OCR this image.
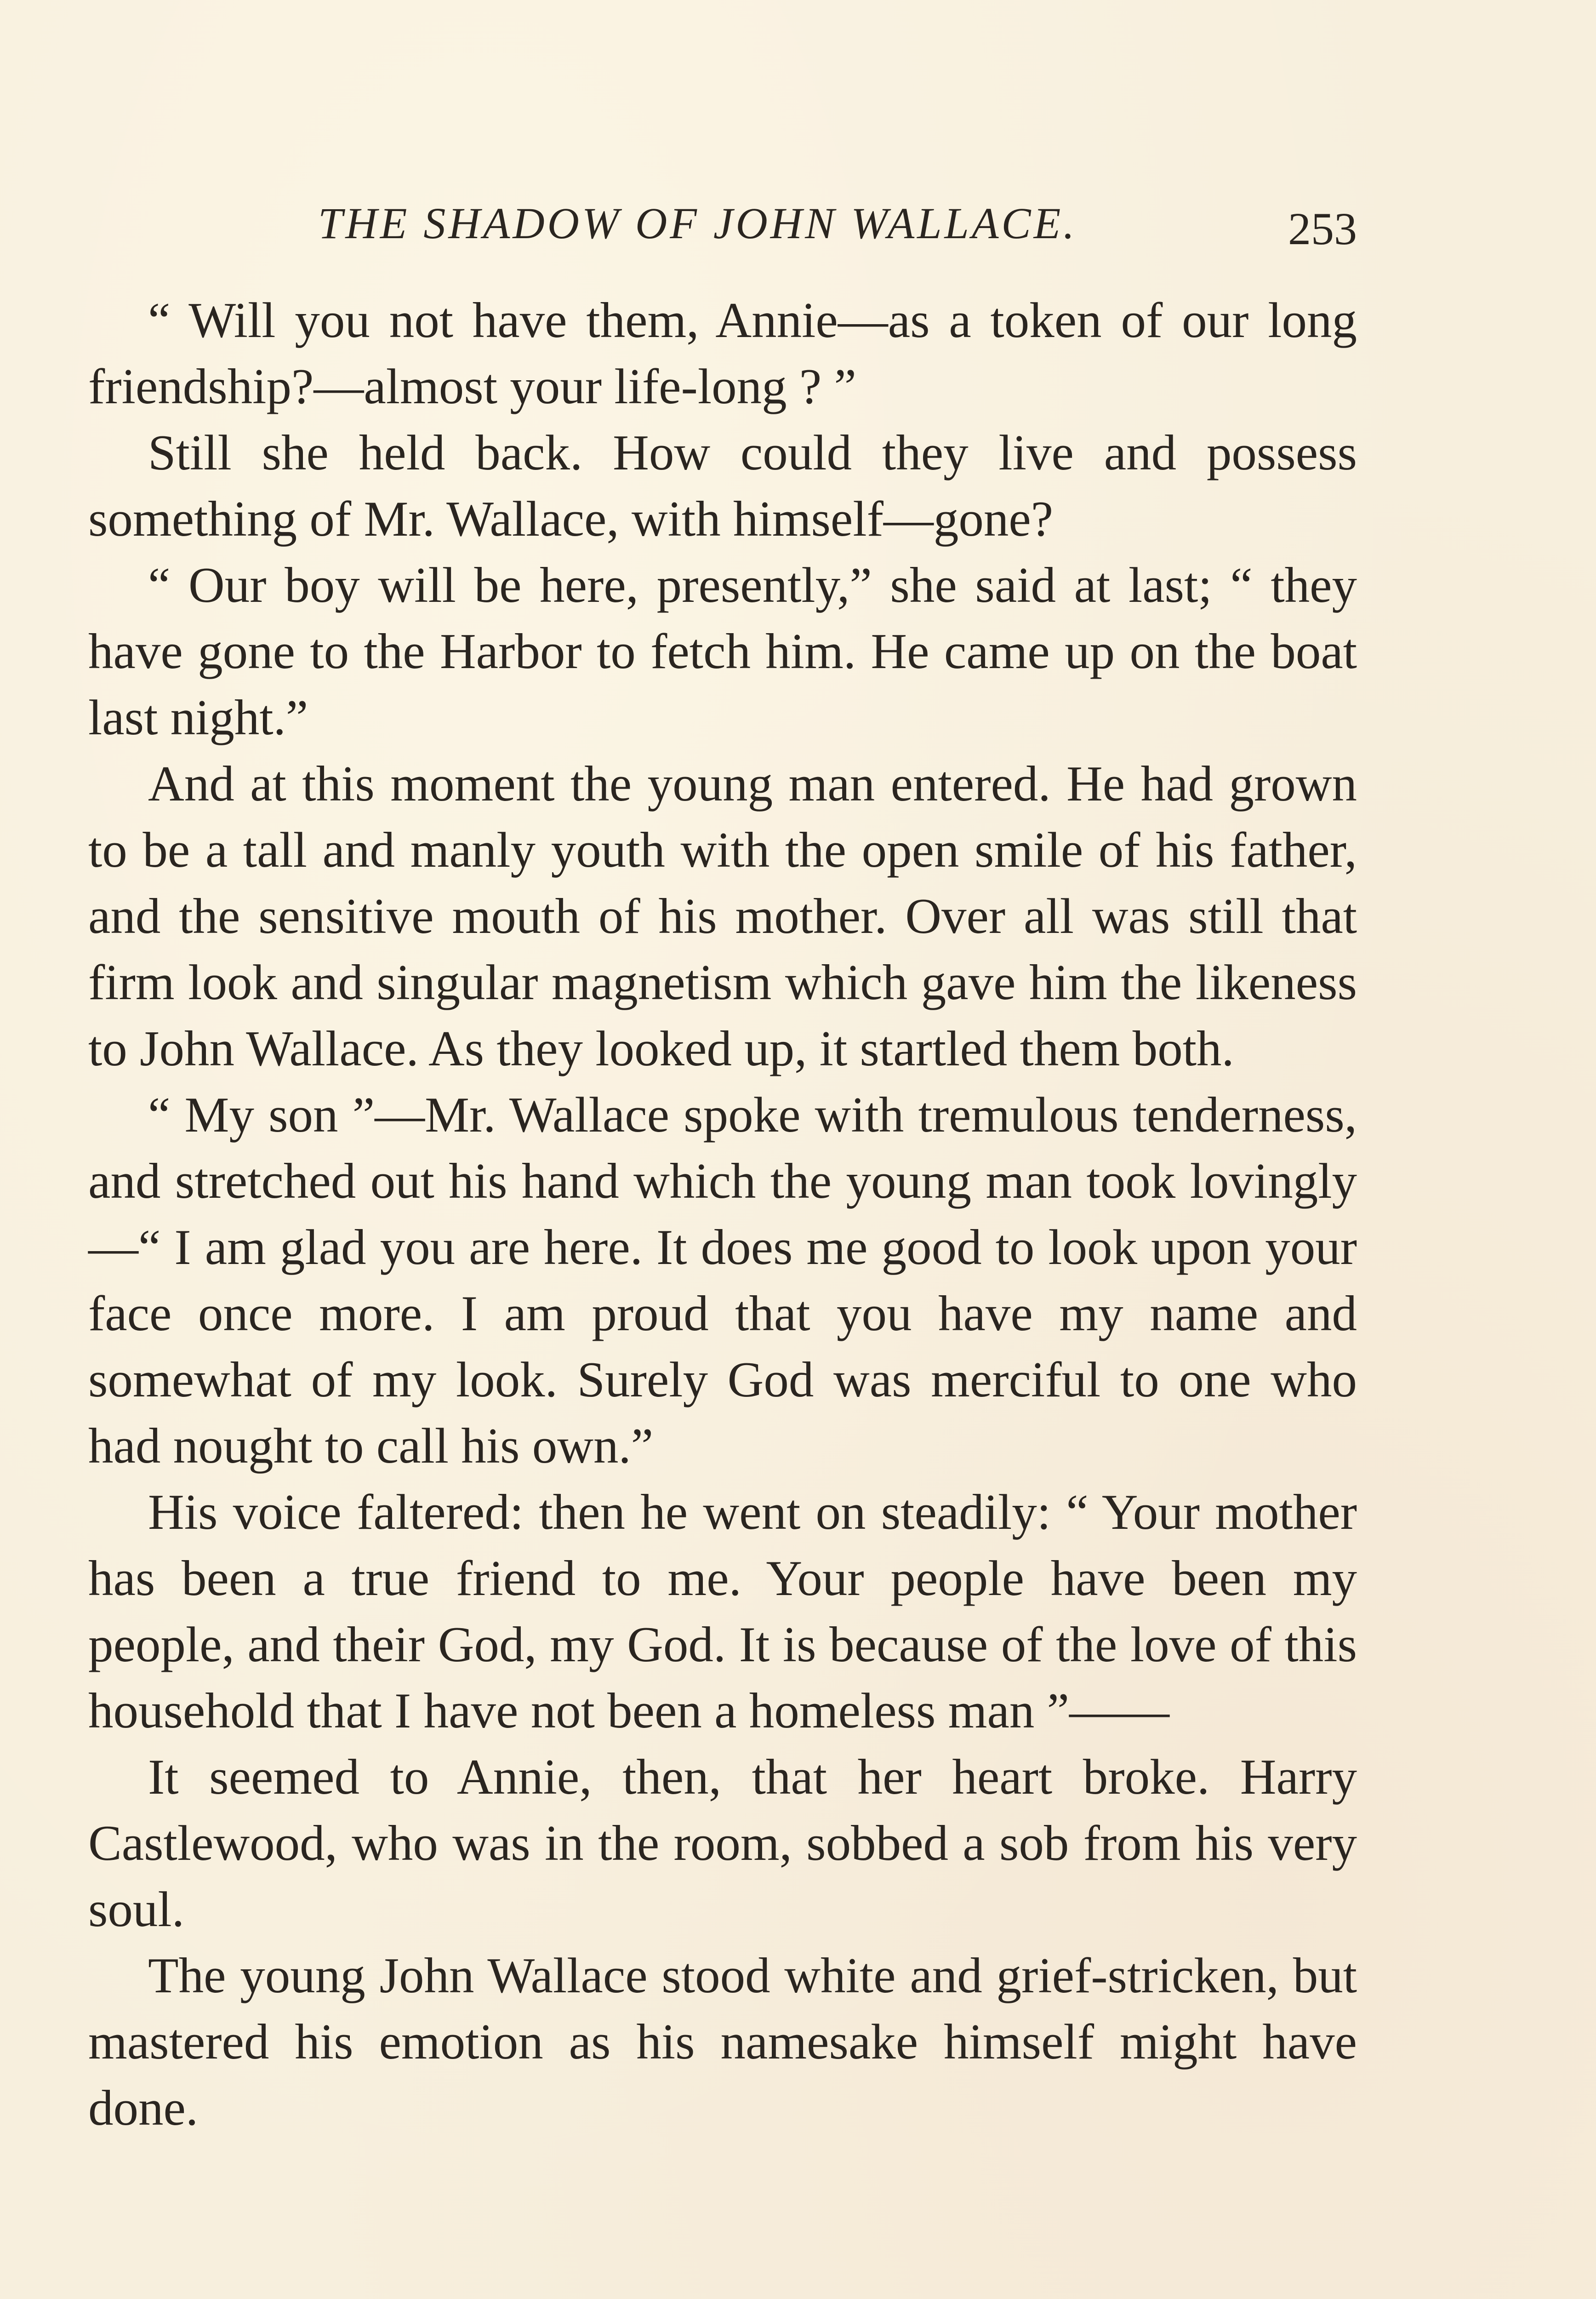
THE SHADOW OF JOHN WALLACE.	253

“ Will you not have them, Annie—as a token of our long friendship?—almost your life-long ? ”

Still she held back. How could they live and possess something of Mr. Wallace, with himself—gone?

“ Our boy will be here, presently,” she said at last; “ they have gone to the Harbor to fetch him. He came up on the boat last night.”

And at this moment the young man entered. He had grown to be a tall and manly youth with the open smile of his father, and the sensitive mouth of his mother. Over all was still that firm look and singular magnetism which gave him the likeness to John Wallace. As they looked up, it startled them both.

“ My son ”—Mr. Wallace spoke with tremulous tenderness, and stretched out his hand which the young man took lovingly—“ I am glad you are here. It does me good to look upon your face once more. I am proud that you have my name and somewhat of my look. Surely God was merciful to one who had nought to call his own.”

His voice faltered: then he went on steadily: “ Your mother has been a true friend to me. Your people have been my people, and their God, my God. It is because of the love of this household that I have not been a homeless man ”——

It seemed to Annie, then, that her heart broke. Harry Castlewood, who was in the room, sobbed a sob from his very soul.

The young John Wallace stood white and grief-stricken, but mastered his emotion as his namesake himself might have done.
